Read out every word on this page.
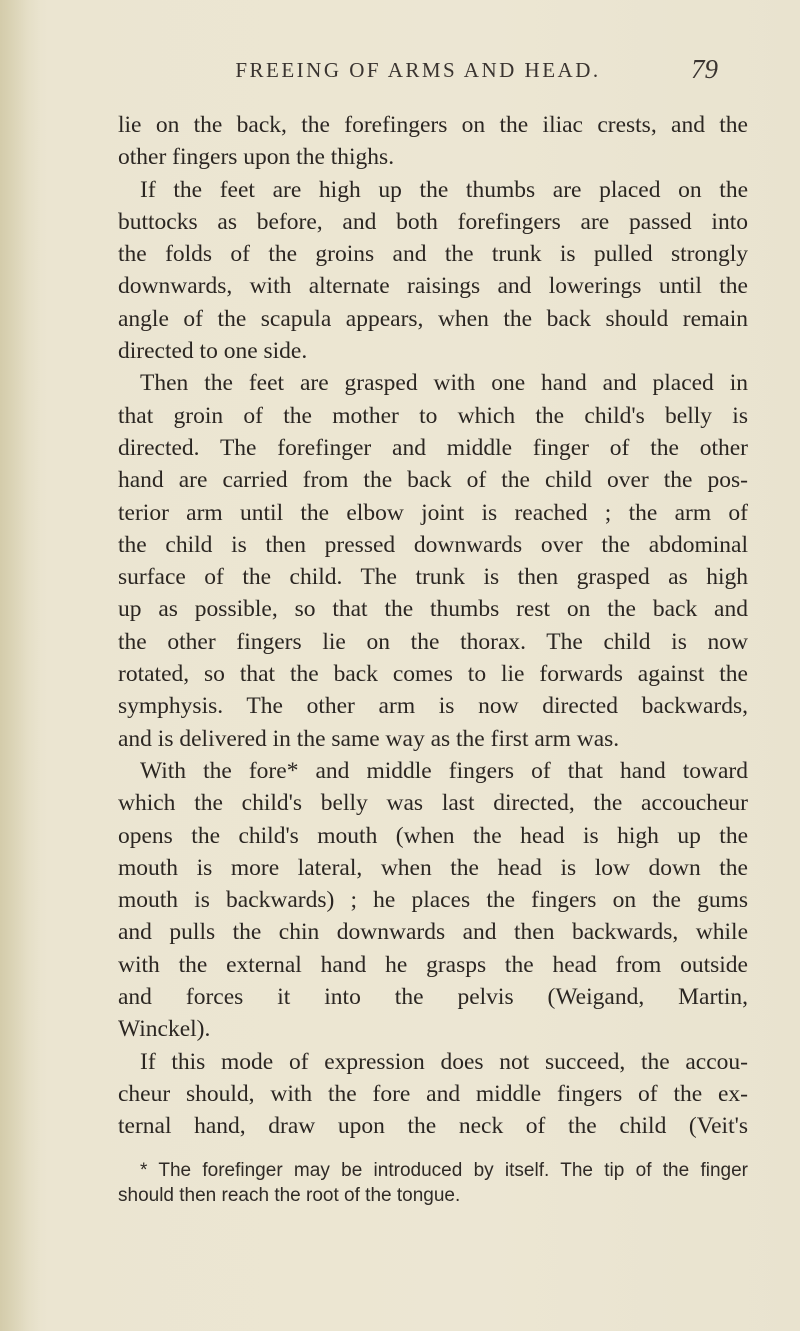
FREEING OF ARMS AND HEAD.	79
lie on the back, the forefingers on the iliac crests, and the
other fingers upon the thighs.
If the feet are high up the thumbs are placed on the
buttocks as before, and both forefingers are passed into
the folds of the groins and the trunk is pulled strongly
downwards, with alternate raisings and lowerings until the
angle of the scapula appears, when the back should remain
directed to one side.
Then the feet are grasped with one hand and placed in
that groin of the mother to which the child's belly is
directed. The forefinger and middle finger of the other
hand are carried from the back of the child over the pos-
terior arm until the elbow joint is reached ; the arm of
the child is then pressed downwards over the abdominal
surface of the child. The trunk is then grasped as high
up as possible, so that the thumbs rest on the back and
the other fingers lie on the thorax. The child is now
rotated, so that the back comes to lie forwards against the
symphysis. The other arm is now directed backwards,
and is delivered in the same way as the first arm was.
With the fore* and middle fingers of that hand toward
which the child's belly was last directed, the accoucheur
opens the child's mouth (when the head is high up the
mouth is more lateral, when the head is low down the
mouth is backwards) ; he places the fingers on the gums
and pulls the chin downwards and then backwards, while
with the external hand he grasps the head from outside
and forces it into the pelvis (Weigand, Martin,
Winckel).
If this mode of expression does not succeed, the accou-
cheur should, with the fore and middle fingers of the ex-
ternal hand, draw upon the neck of the child (Veit's
* The forefinger may be introduced by itself. The tip of the finger
should then reach the root of the tongue.
